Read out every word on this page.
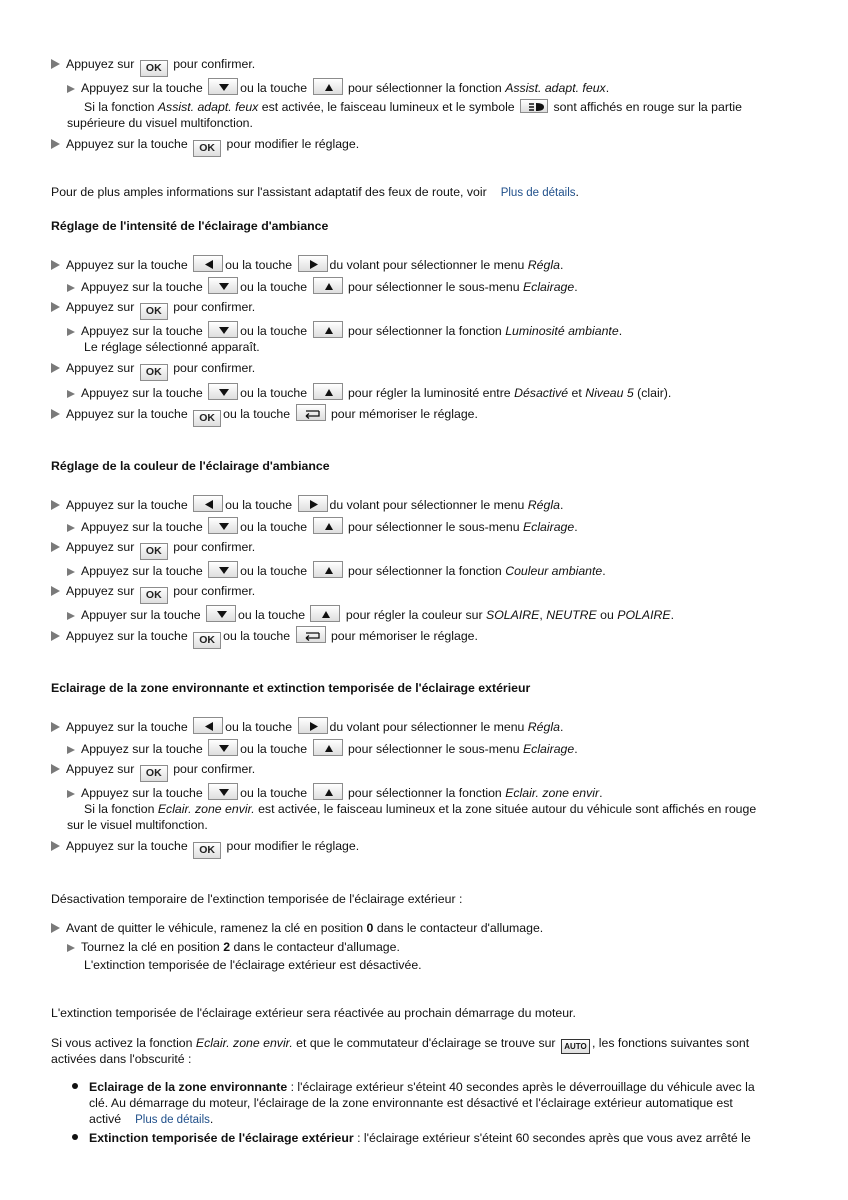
Appuyez sur OK pour confirmer.
Appuyez sur la touche	ou la touche	pour sélectionner la fonction Assist. adapt. feux.
Si la fonction Assist. adapt. feux est activée, le faisceau lumineux et le symbole	sont affichés en rouge sur la partie
supérieure du visuel multifonction.
Appuyez sur la touche OK pour modifier le réglage.
Pour de plus amples informations sur l'assistant adaptatif des feux de route, voir Plus de détails.
Réglage de l'intensité de l'éclairage d'ambiance
Appuyez sur la touche	ou la touche	du volant pour sélectionner le menu Régla.
Appuyez sur la touche	ou la touche	pour sélectionner le sous-menu Eclairage.
Appuyez sur OK pour confirmer.
Appuyez sur la touche	ou la touche	pour sélectionner la fonction Luminosité ambiante.
Le réglage sélectionné apparaît.
Appuyez sur OK pour confirmer.
Appuyez sur la touche	ou la touche	pour régler la luminosité entre Désactivé et Niveau 5 (clair).
Appuyez sur la touche OK ou la touche	pour mémoriser le réglage.
Réglage de la couleur de l'éclairage d'ambiance
Appuyez sur la touche	ou la touche	du volant pour sélectionner le menu Régla.
Appuyez sur la touche	ou la touche	pour sélectionner le sous-menu Eclairage.
Appuyez sur OK pour confirmer.
Appuyez sur la touche	ou la touche	pour sélectionner la fonction Couleur ambiante.
Appuyez sur OK pour confirmer.
Appuyer sur la touche	ou la touche	pour régler la couleur sur SOLAIRE, NEUTRE ou POLAIRE.
Appuyez sur la touche OK ou la touche	pour mémoriser le réglage.
Eclairage de la zone environnante et extinction temporisée de l'éclairage extérieur
Appuyez sur la touche	ou la touche	du volant pour sélectionner le menu Régla.
Appuyez sur la touche	ou la touche	pour sélectionner le sous-menu Eclairage.
Appuyez sur OK pour confirmer.
Appuyez sur la touche	ou la touche	pour sélectionner la fonction Eclair. zone envir.
Si la fonction Eclair. zone envir. est activée, le faisceau lumineux et la zone située autour du véhicule sont affichés en rouge
sur le visuel multifonction.
Appuyez sur la touche OK pour modifier le réglage.
Désactivation temporaire de l'extinction temporisée de l'éclairage extérieur :
Avant de quitter le véhicule, ramenez la clé en position 0 dans le contacteur d'allumage.
Tournez la clé en position 2 dans le contacteur d'allumage.
L'extinction temporisée de l'éclairage extérieur est désactivée.
L'extinction temporisée de l'éclairage extérieur sera réactivée au prochain démarrage du moteur.
Si vous activez la fonction Eclair. zone envir. et que le commutateur d'éclairage se trouve sur AUTO , les fonctions suivantes sont
activées dans l'obscurité :
Eclairage de la zone environnante : l'éclairage extérieur s'éteint 40 secondes après le déverrouillage du véhicule avec la
clé. Au démarrage du moteur, l'éclairage de la zone environnante est désactivé et l'éclairage extérieur automatique est
activé Plus de détails.
Extinction temporisée de l'éclairage extérieur : l'éclairage extérieur s'éteint 60 secondes après que vous avez arrêté le
